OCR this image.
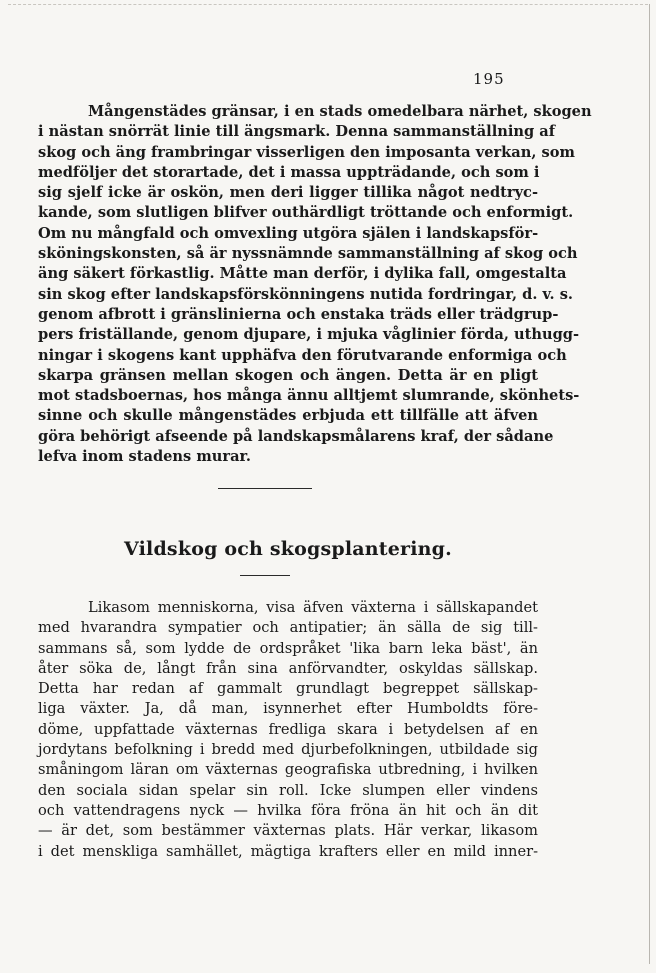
195
Mångenstädes gränsar, i en stads omedelbara närhet, skogen
i nästan snörrät linie till ängsmark. Denna sammanställning af
skog och äng frambringar visserligen den imposanta verkan, som
medföljer det storartade, det i massa uppträdande, och som i
sig sjelf icke är oskön, men deri ligger tillika något nedtryc-
kande, som slutligen blifver outhärdligt tröttande och enformigt.
Om nu mångfald och omvexling utgöra själen i landskapsför-
sköningskonsten, så är nyssnämnde sammanställning af skog och
äng säkert förkastlig. Måtte man derför, i dylika fall, omgestalta
sin skog efter landskapsförskönningens nutida fordringar, d. v. s.
genom afbrott i gränslinierna och enstaka träds eller trädgrup-
pers friställande, genom djupare, i mjuka våglinier förda, uthugg-
ningar i skogens kant upphäfva den förutvarande enformiga och
skarpa gränsen mellan skogen och ängen. Detta är en pligt
mot stadsboernas, hos många ännu alltjemt slumrande, skönhets-
sinne och skulle mångenstädes erbjuda ett tillfälle att äfven
göra behörigt afseende på landskapsmålarens kraf, der sådane
lefva inom stadens murar.
Vildskog och skogsplantering.
Likasom menniskorna, visa äfven växterna i sällskapandet
med hvarandra sympatier och antipatier; än sälla de sig till-
sammans så, som lydde de ordspråket 'lika barn leka bäst', än
åter söka de, långt från sina anförvandter, oskyldas sällskap.
Detta har redan af gammalt grundlagt begreppet sällskap-
liga växter. Ja, då man, isynnerhet efter Humboldts före-
döme, uppfattade växternas fredliga skara i betydelsen af en
jordytans befolkning i bredd med djurbefolkningen, utbildade sig
småningom läran om växternas geografiska utbredning, i hvilken
den sociala sidan spelar sin roll. Icke slumpen eller vindens
och vattendragens nyck — hvilka föra fröna än hit och än dit
— är det, som bestämmer växternas plats. Här verkar, likasom
i det menskliga samhället, mägtiga krafters eller en mild inner-
